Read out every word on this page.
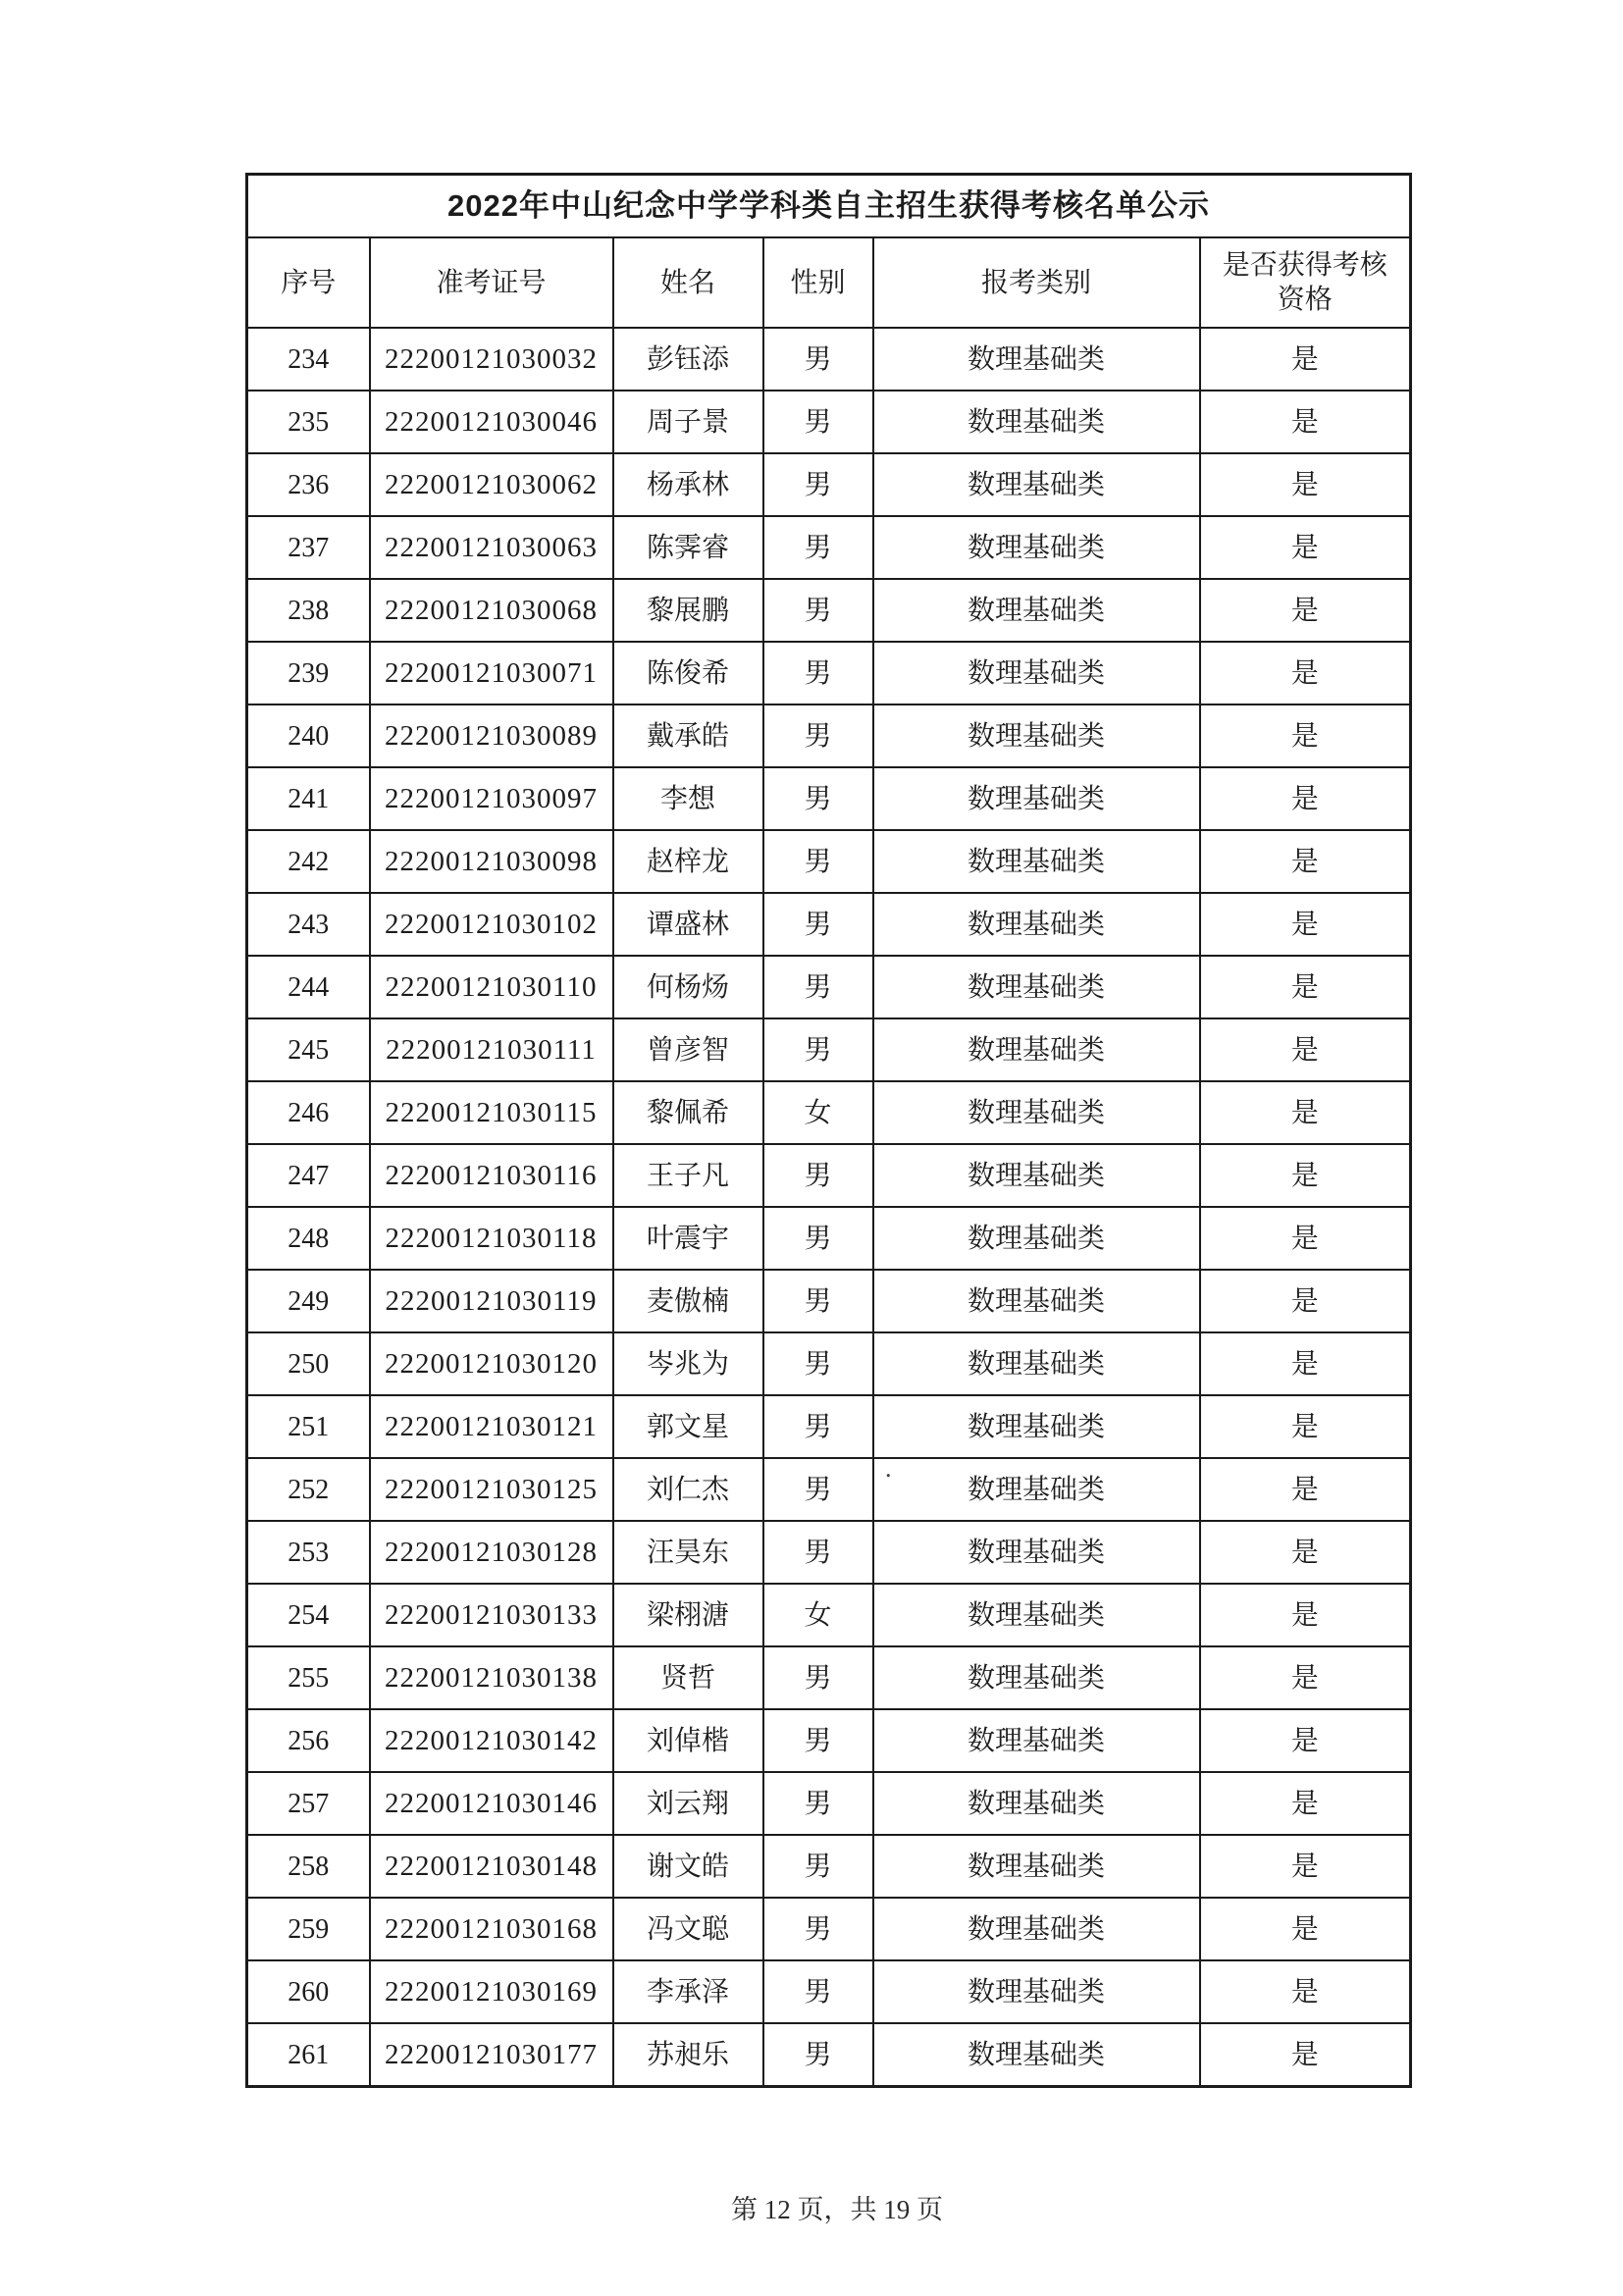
2022年中山纪念中学学科类自主招生获得考核名单公示					
序号	准考证号	姓名	性别	报考类别	是否获得考核资格
234	22200121030032	彭钰添	男	数理基础类	是
235	22200121030046	周子景	男	数理基础类	是
236	22200121030062	杨承林	男	数理基础类	是
237	22200121030063	陈霁睿	男	数理基础类	是
238	22200121030068	黎展鹏	男	数理基础类	是
239	22200121030071	陈俊希	男	数理基础类	是
240	22200121030089	戴承皓	男	数理基础类	是
241	22200121030097	李想	男	数理基础类	是
242	22200121030098	赵梓龙	男	数理基础类	是
243	22200121030102	谭盛林	男	数理基础类	是
244	22200121030110	何杨炀	男	数理基础类	是
245	22200121030111	曾彦智	男	数理基础类	是
246	22200121030115	黎佩希	女	数理基础类	是
247	22200121030116	王子凡	男	数理基础类	是
248	22200121030118	叶震宇	男	数理基础类	是
249	22200121030119	麦傲楠	男	数理基础类	是
250	22200121030120	岑兆为	男	数理基础类	是
251	22200121030121	郭文星	男	数理基础类	是
252	22200121030125	刘仁杰	男	数理基础类	是
253	22200121030128	汪昊东	男	数理基础类	是
254	22200121030133	梁栩溏	女	数理基础类	是
255	22200121030138	贤哲	男	数理基础类	是
256	22200121030142	刘倬楷	男	数理基础类	是
257	22200121030146	刘云翔	男	数理基础类	是
258	22200121030148	谢文皓	男	数理基础类	是
259	22200121030168	冯文聪	男	数理基础类	是
260	22200121030169	李承泽	男	数理基础类	是
261	22200121030177	苏昶乐	男	数理基础类	是
.
第 12 页，共 19 页
